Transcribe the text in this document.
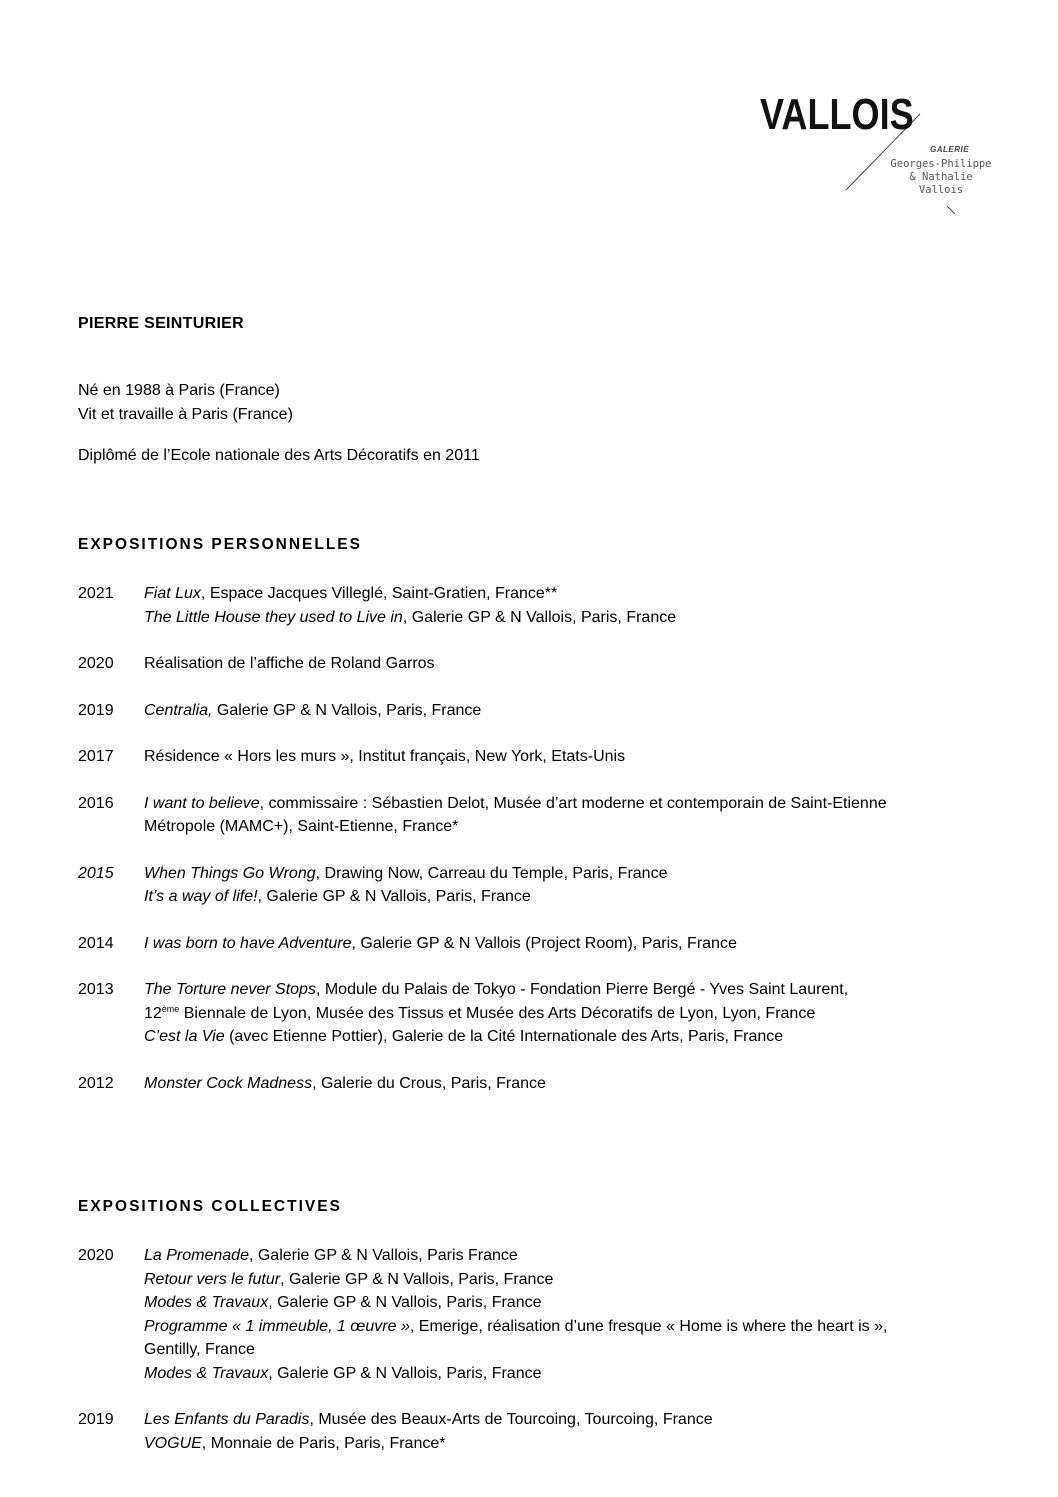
VALLOIS
GALERIE
Georges-Philippe
& Nathalie
Vallois
PIERRE SEINTURIER
Né en 1988 à Paris (France)
Vit et travaille à Paris (France)
Diplômé de l’Ecole nationale des Arts Décoratifs en 2011
EXPOSITIONS PERSONNELLES
2021	Fiat Lux, Espace Jacques Villeglé, Saint-Gratien, France**
The Little House they used to Live in, Galerie GP & N Vallois, Paris, France
2020	Réalisation de l’affiche de Roland Garros
2019	Centralia, Galerie GP & N Vallois, Paris, France
2017	Résidence « Hors les murs », Institut français, New York, Etats-Unis
2016	I want to believe, commissaire : Sébastien Delot, Musée d’art moderne et contemporain de Saint-Etienne
Métropole (MAMC+), Saint-Etienne, France*
2015	When Things Go Wrong, Drawing Now, Carreau du Temple, Paris, France
It’s a way of life!, Galerie GP & N Vallois, Paris, France
2014	I was born to have Adventure, Galerie GP & N Vallois (Project Room), Paris, France
2013	The Torture never Stops, Module du Palais de Tokyo - Fondation Pierre Bergé - Yves Saint Laurent,
12ème Biennale de Lyon, Musée des Tissus et Musée des Arts Décoratifs de Lyon, Lyon, France
C’est la Vie (avec Etienne Pottier), Galerie de la Cité Internationale des Arts, Paris, France
2012	Monster Cock Madness, Galerie du Crous, Paris, France
EXPOSITIONS COLLECTIVES
2020	La Promenade, Galerie GP & N Vallois, Paris France
Retour vers le futur, Galerie GP & N Vallois, Paris, France
Modes & Travaux, Galerie GP & N Vallois, Paris, France
Programme « 1 immeuble, 1 œuvre », Emerige, réalisation d’une fresque « Home is where the heart is »,
Gentilly, France
Modes & Travaux, Galerie GP & N Vallois, Paris, France
2019	Les Enfants du Paradis, Musée des Beaux-Arts de Tourcoing, Tourcoing, France
VOGUE, Monnaie de Paris, Paris, France*
